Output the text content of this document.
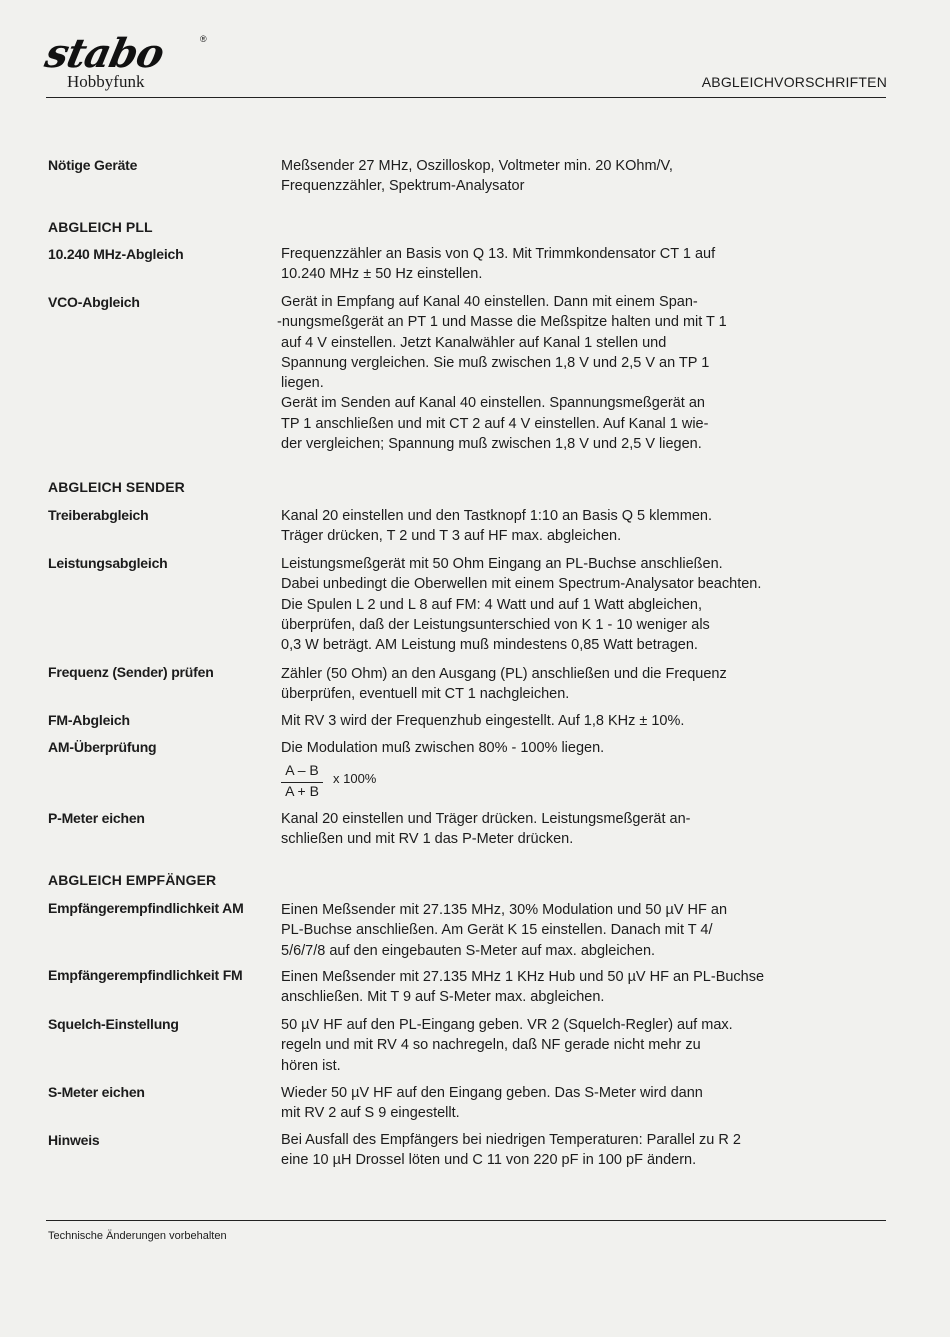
stabo	®
Hobbyfunk	ABGLEICHVORSCHRIFTEN
Nötige Geräte	Meßsender 27 MHz, Oszilloskop, Voltmeter min. 20 KOhm/V,

Frequenzzähler, Spektrum-Analysator

ABGLEICH PLL
10.240 MHz-Abgleich	Frequenzzähler an Basis von Q 13. Mit Trimmkondensator CT 1 auf

10.240 MHz ± 50 Hz einstellen.

VCO-Abgleich	Gerät in Empfang auf Kanal 40 einstellen. Dann mit einem Span-

-nungsmeßgerät an PT 1 und Masse die Meßspitze halten und mit T 1

auf 4 V einstellen. Jetzt Kanalwähler auf Kanal 1 stellen und

Spannung vergleichen. Sie muß zwischen 1,8 V und 2,5 V an TP 1

liegen.

Gerät im Senden auf Kanal 40 einstellen. Spannungsmeßgerät an

TP 1 anschließen und mit CT 2 auf 4 V einstellen. Auf Kanal 1 wie-

der vergleichen; Spannung muß zwischen 1,8 V und 2,5 V liegen.

ABGLEICH SENDER
Treiberabgleich	Kanal 20 einstellen und den Tastknopf 1:10 an Basis Q 5 klemmen.

Träger drücken, T 2 und T 3 auf HF max. abgleichen.

Leistungsabgleich	Leistungsmeßgerät mit 50 Ohm Eingang an PL-Buchse anschließen.

Dabei unbedingt die Oberwellen mit einem Spectrum-Analysator beachten.

Die Spulen L 2 und L 8 auf FM: 4 Watt und auf 1 Watt abgleichen,

überprüfen, daß der Leistungsunterschied von K 1 - 10 weniger als

0,3 W beträgt. AM Leistung muß mindestens 0,85 Watt betragen.

Frequenz (Sender) prüfen	Zähler (50 Ohm) an den Ausgang (PL) anschließen und die Frequenz

überprüfen, eventuell mit CT 1 nachgleichen.

FM-Abgleich	Mit RV 3 wird der Frequenzhub eingestellt. Auf 1,8 KHz ± 10%.

AM-Überprüfung	Die Modulation muß zwischen 80% - 100% liegen.

A – B
A + B
x 100%
P-Meter eichen	Kanal 20 einstellen und Träger drücken. Leistungsmeßgerät an-

schließen und mit RV 1 das P-Meter drücken.

ABGLEICH EMPFÄNGER
Empfängerempfindlichkeit AM	Einen Meßsender mit 27.135 MHz, 30% Modulation und 50 µV HF an

PL-Buchse anschließen. Am Gerät K 15 einstellen. Danach mit T 4/

5/6/7/8 auf den eingebauten S-Meter auf max. abgleichen.

Empfängerempfindlichkeit FM	Einen Meßsender mit 27.135 MHz 1 KHz Hub und 50 µV HF an PL-Buchse

anschließen. Mit T 9 auf S-Meter max. abgleichen.

Squelch-Einstellung	50 µV HF auf den PL-Eingang geben. VR 2 (Squelch-Regler) auf max.

regeln und mit RV 4 so nachregeln, daß NF gerade nicht mehr zu

hören ist.

S-Meter eichen	Wieder 50 µV HF auf den Eingang geben. Das S-Meter wird dann

mit RV 2 auf S 9 eingestellt.

Hinweis	Bei Ausfall des Empfängers bei niedrigen Temperaturen: Parallel zu R 2

eine 10 µH Drossel löten und C 11 von 220 pF in 100 pF ändern.

Technische Änderungen vorbehalten
